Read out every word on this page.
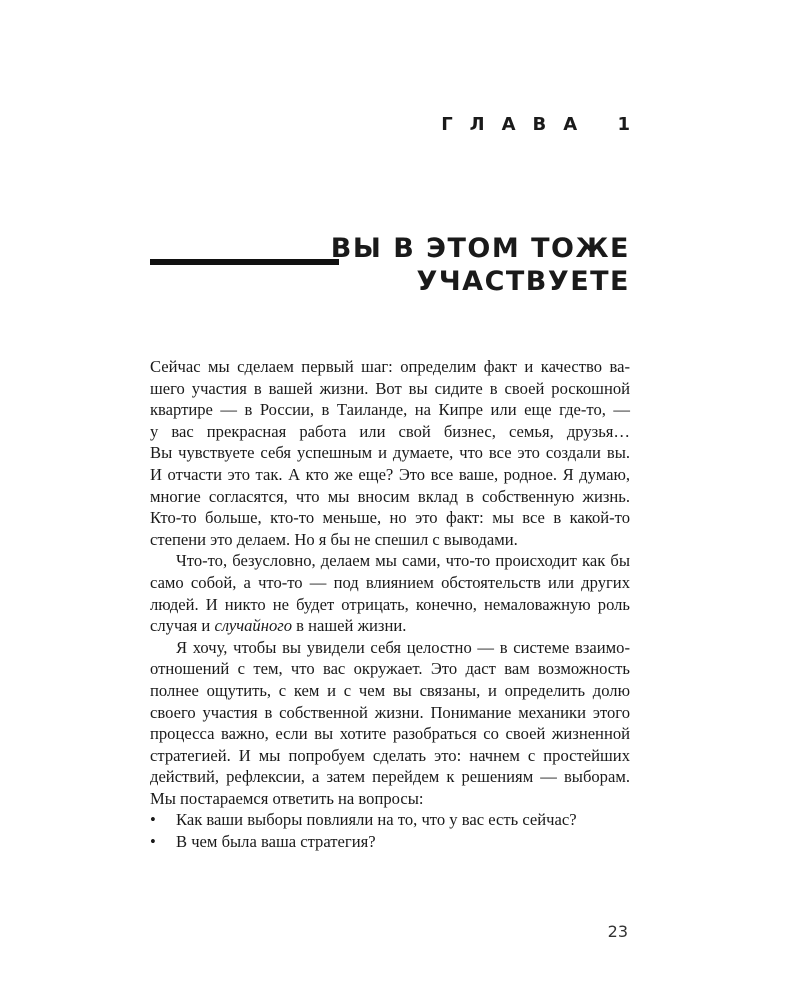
ГЛАВА 1
ВЫ В ЭТОМ ТОЖЕ
УЧАСТВУЕТЕ
Сейчас мы сделаем первый шаг: определим факт и качество ва-
шего участия в вашей жизни. Вот вы сидите в своей роскошной
квартире — в России, в Таиланде, на Кипре или еще где-то, —
у вас прекрасная работа или свой бизнес, семья, друзья…
Вы чувствуете себя успешным и думаете, что все это создали вы.
И отчасти это так. А кто же еще? Это все ваше, родное. Я думаю,
многие согласятся, что мы вносим вклад в собственную жизнь.
Кто-то больше, кто-то меньше, но это факт: мы все в какой-то
степени это делаем. Но я бы не спешил с выводами.
Что-то, безусловно, делаем мы сами, что-то происходит как бы
само собой, а что-то — под влиянием обстоятельств или других
людей. И никто не будет отрицать, конечно, немаловажную роль
случая и случайного в нашей жизни.
Я хочу, чтобы вы увидели себя целостно — в системе взаимо-
отношений с тем, что вас окружает. Это даст вам возможность
полнее ощутить, с кем и с чем вы связаны, и определить долю
своего участия в собственной жизни. Понимание механики этого
процесса важно, если вы хотите разобраться со своей жизненной
стратегией. И мы попробуем сделать это: начнем с простейших
действий, рефлексии, а затем перейдем к решениям — выборам.
Мы постараемся ответить на вопросы:
• Как ваши выборы повлияли на то, что у вас есть сейчас?
• В чем была ваша стратегия?
23
